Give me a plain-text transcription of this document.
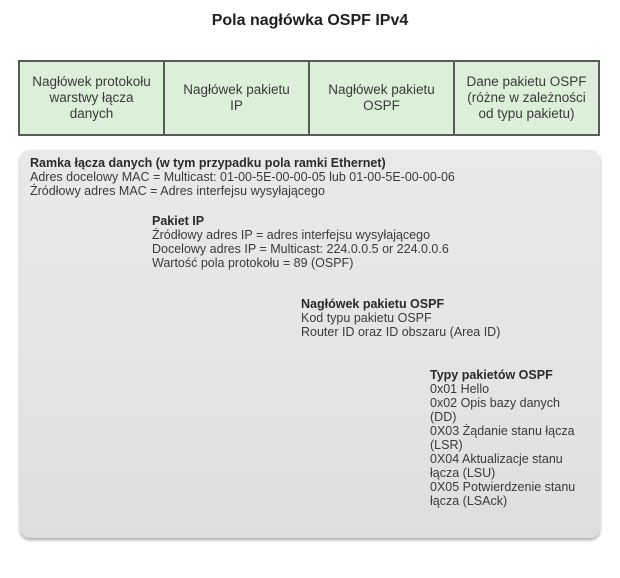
Pola nagłówka OSPF IPv4
Nagłówek protokołu
warstwy łącza
danych
Nagłówek pakietu
IP
Nagłówek pakietu
OSPF
Dane pakietu OSPF
(różne w zależności
od typu pakietu)
Ramka łącza danych (w tym przypadku pola ramki Ethernet)
Adres docelowy MAC = Multicast: 01-00-5E-00-00-05 lub 01-00-5E-00-00-06
Źródłowy adres MAC = Adres interfejsu wysyłającego
Pakiet IP
Źródłowy adres IP = adres interfejsu wysyłającego
Docelowy adres IP = Multicast: 224.0.0.5 or 224.0.0.6
Wartość pola protokołu = 89 (OSPF)
Nagłówek pakietu OSPF
Kod typu pakietu OSPF
Router ID oraz ID obszaru (Area ID)
Typy pakietów OSPF
0x01 Hello
0x02 Opis bazy danych
(DD)
0X03 Żądanie stanu łącza
(LSR)
0X04 Aktualizacje stanu
łącza (LSU)
0X05 Potwierdzenie stanu
łącza (LSAck)
